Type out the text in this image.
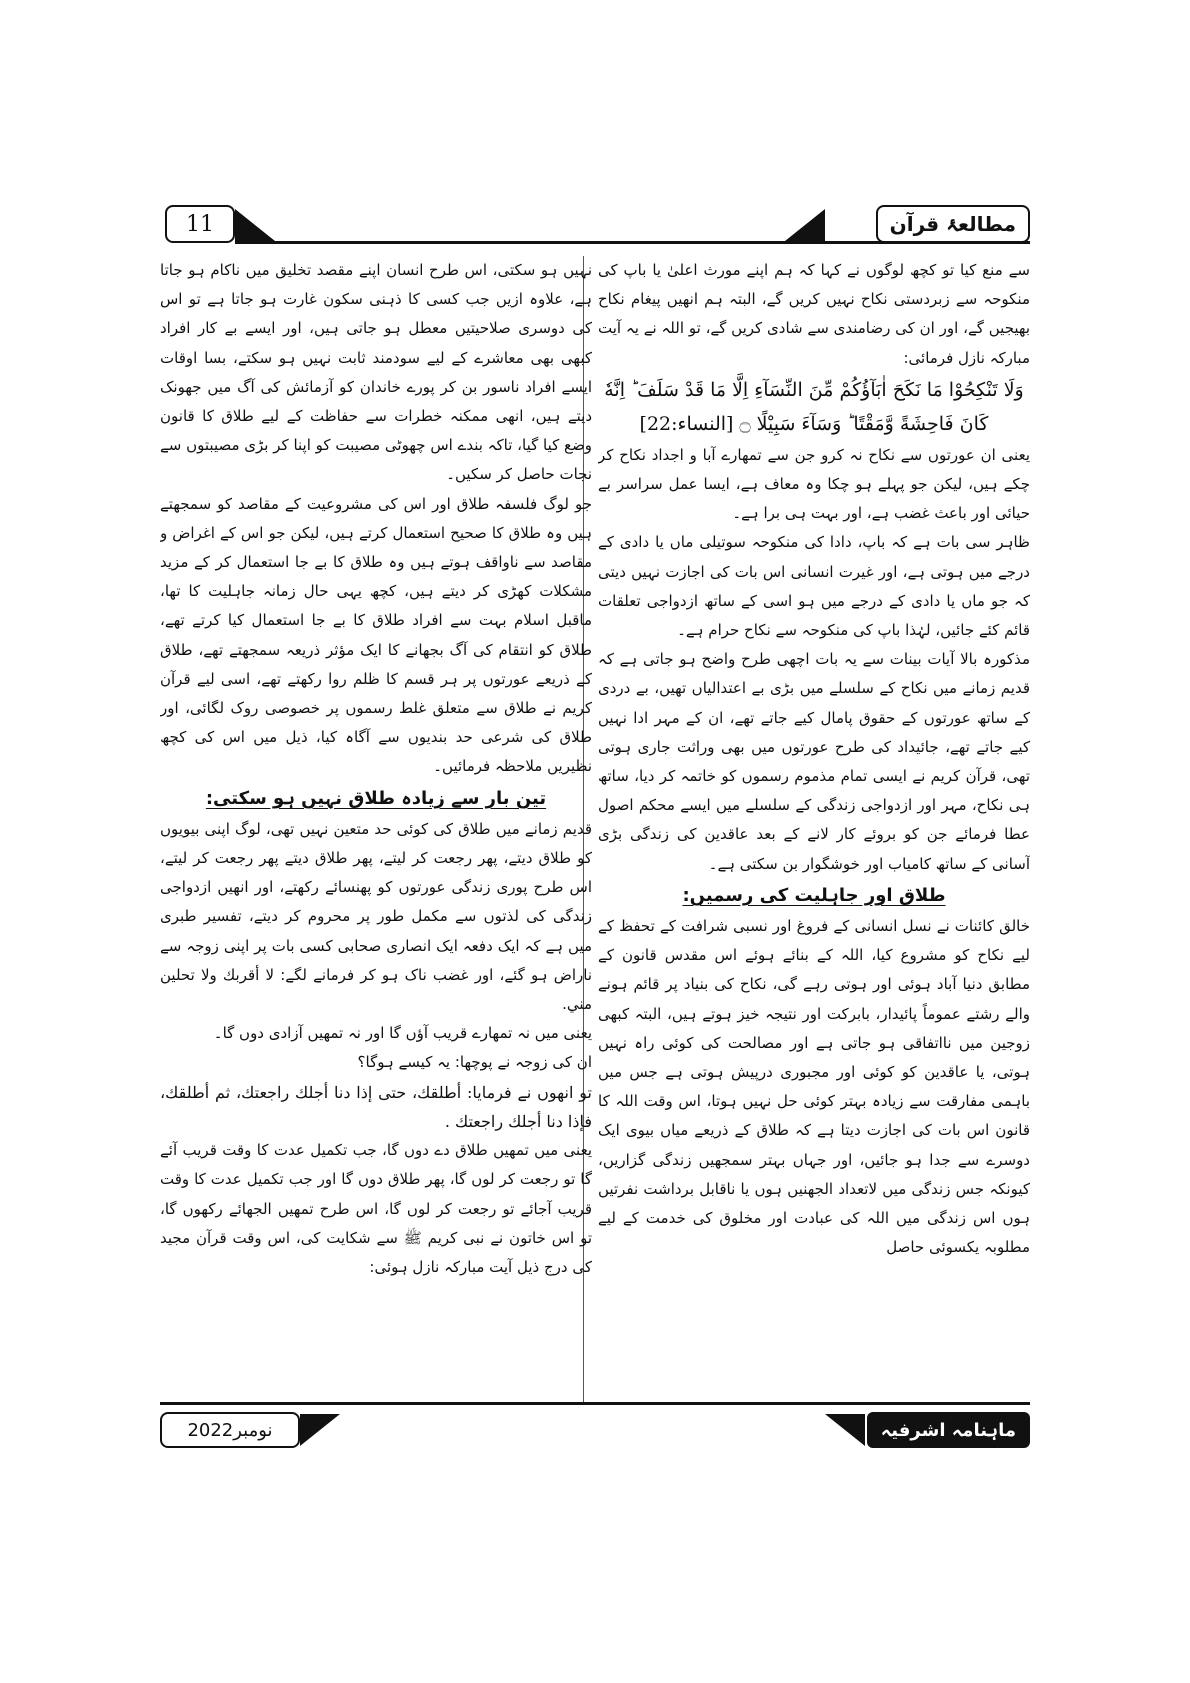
11	مطالعۂ قرآن

سے منع کیا تو کچھ لوگوں نے کہا کہ ہم اپنے مورث اعلیٰ یا باپ کی منکوحہ سے زبردستی نکاح نہیں کریں گے، البتہ ہم انھیں پیغام نکاح بھیجیں گے، اور ان کی رضامندی سے شادی کریں گے، تو اللہ نے یہ آیت مبارکہ نازل فرمائی:

وَلَا تَنْكِحُوْا مَا نَكَحَ اٰبَآؤُكُمْ مِّنَ النِّسَآءِ اِلَّا مَا قَدْ سَلَفَ ؕ اِنَّهٗ كَانَ فَاحِشَةً وَّمَقْتًا ؕ وَسَآءَ سَبِيْلًا ۝ [النساء:22]

یعنی ان عورتوں سے نکاح نہ کرو جن سے تمھارے آبا و اجداد نکاح کر چکے ہیں، لیکن جو پہلے ہو چکا وہ معاف ہے، ایسا عمل سراسر بے حیائی اور باعث غضب ہے، اور بہت ہی برا ہے۔

ظاہر سی بات ہے کہ باپ، دادا کی منکوحہ سوتیلی ماں یا دادی کے درجے میں ہوتی ہے، اور غیرت انسانی اس بات کی اجازت نہیں دیتی کہ جو ماں یا دادی کے درجے میں ہو اسی کے ساتھ ازدواجی تعلقات قائم کئے جائیں، لہٰذا باپ کی منکوحہ سے نکاح حرام ہے۔

مذکورہ بالا آیات بینات سے یہ بات اچھی طرح واضح ہو جاتی ہے کہ قدیم زمانے میں نکاح کے سلسلے میں بڑی بے اعتدالیاں تھیں، بے دردی کے ساتھ عورتوں کے حقوق پامال کیے جاتے تھے، ان کے مہر ادا نہیں کیے جاتے تھے، جائیداد کی طرح عورتوں میں بھی وراثت جاری ہوتی تھی، قرآن کریم نے ایسی تمام مذموم رسموں کو خاتمہ کر دیا، ساتھ ہی نکاح، مہر اور ازدواجی زندگی کے سلسلے میں ایسے محکم اصول عطا فرمائے جن کو بروئے کار لانے کے بعد عاقدین کی زندگی بڑی آسانی کے ساتھ کامیاب اور خوشگوار بن سکتی ہے۔

طلاق اور جاہلیت کی رسمیں:

خالق کائنات نے نسل انسانی کے فروغ اور نسبی شرافت کے تحفظ کے لیے نکاح کو مشروع کیا، اللہ کے بنائے ہوئے اس مقدس قانون کے مطابق دنیا آباد ہوئی اور ہوتی رہے گی، نکاح کی بنیاد پر قائم ہونے والے رشتے عموماً پائیدار، بابرکت اور نتیجہ خیز ہوتے ہیں، البتہ کبھی زوجین میں نااتفاقی ہو جاتی ہے اور مصالحت کی کوئی راہ نہیں ہوتی، یا عاقدین کو کوئی اور مجبوری درپیش ہوتی ہے جس میں باہمی مفارقت سے زیادہ بہتر کوئی حل نہیں ہوتا، اس وقت اللہ کا قانون اس بات کی اجازت دیتا ہے کہ طلاق کے ذریعے میاں بیوی ایک دوسرے سے جدا ہو جائیں، اور جہاں بہتر سمجھیں زندگی گزاریں، کیونکہ جس زندگی میں لاتعداد الجھنیں ہوں یا ناقابل برداشت نفرتیں ہوں اس زندگی میں اللہ کی عبادت اور مخلوق کی خدمت کے لیے مطلوبہ یکسوئی حاصل

نہیں ہو سکتی، اس طرح انسان اپنے مقصد تخلیق میں ناکام ہو جاتا ہے، علاوہ ازیں جب کسی کا ذہنی سکون غارت ہو جاتا ہے تو اس کی دوسری صلاحیتیں معطل ہو جاتی ہیں، اور ایسے بے کار افراد کبھی بھی معاشرے کے لیے سودمند ثابت نہیں ہو سکتے، بسا اوقات ایسے افراد ناسور بن کر پورے خاندان کو آزمائش کی آگ میں جھونک دیتے ہیں، انھی ممکنہ خطرات سے حفاظت کے لیے طلاق کا قانون وضع کیا گیا، تاکہ بندے اس چھوٹی مصیبت کو اپنا کر بڑی مصیبتوں سے نجات حاصل کر سکیں۔

جو لوگ فلسفہ طلاق اور اس کی مشروعیت کے مقاصد کو سمجھتے ہیں وہ طلاق کا صحیح استعمال کرتے ہیں، لیکن جو اس کے اغراض و مقاصد سے ناواقف ہوتے ہیں وہ طلاق کا بے جا استعمال کر کے مزید مشکلات کھڑی کر دیتے ہیں، کچھ یہی حال زمانہ جاہلیت کا تھا، ماقبل اسلام بہت سے افراد طلاق کا بے جا استعمال کیا کرتے تھے، طلاق کو انتقام کی آگ بجھانے کا ایک مؤثر ذریعہ سمجھتے تھے، طلاق کے ذریعے عورتوں پر ہر قسم کا ظلم روا رکھتے تھے، اسی لیے قرآن کریم نے طلاق سے متعلق غلط رسموں پر خصوصی روک لگائی، اور طلاق کی شرعی حد بندیوں سے آگاہ کیا، ذیل میں اس کی کچھ نظیریں ملاحظہ فرمائیں۔

تین بار سے زیادہ طلاق نہیں ہو سکتی:

قدیم زمانے میں طلاق کی کوئی حد متعین نہیں تھی، لوگ اپنی بیویوں کو طلاق دیتے، پھر رجعت کر لیتے، پھر طلاق دیتے پھر رجعت کر لیتے، اس طرح پوری زندگی عورتوں کو پھنسائے رکھتے، اور انھیں ازدواجی زندگی کی لذتوں سے مکمل طور پر محروم کر دیتے، تفسیر طبری میں ہے کہ ایک دفعہ ایک انصاری صحابی کسی بات پر اپنی زوجہ سے ناراض ہو گئے، اور غضب ناک ہو کر فرمانے لگے: لا أقربك ولا تحلين مني.

یعنی میں نہ تمھارے قریب آؤں گا اور نہ تمھیں آزادی دوں گا۔

ان کی زوجہ نے پوچھا: یہ کیسے ہوگا؟

تو انھوں نے فرمایا: أطلقك، حتى إذا دنا أجلك راجعتك، ثم أطلقك، فإذا دنا أجلك راجعتك .

یعنی میں تمھیں طلاق دے دوں گا، جب تکمیل عدت کا وقت قریب آئے گا تو رجعت کر لوں گا، پھر طلاق دوں گا اور جب تکمیل عدت کا وقت قریب آجائے تو رجعت کر لوں گا، اس طرح تمھیں الجھائے رکھوں گا، تو اس خاتون نے نبی کریم ﷺ سے شکایت کی، اس وقت قرآن مجید کی درج ذیل آیت مبارکہ نازل ہوئی:

نومبر2022	ماہنامہ اشرفیہ
